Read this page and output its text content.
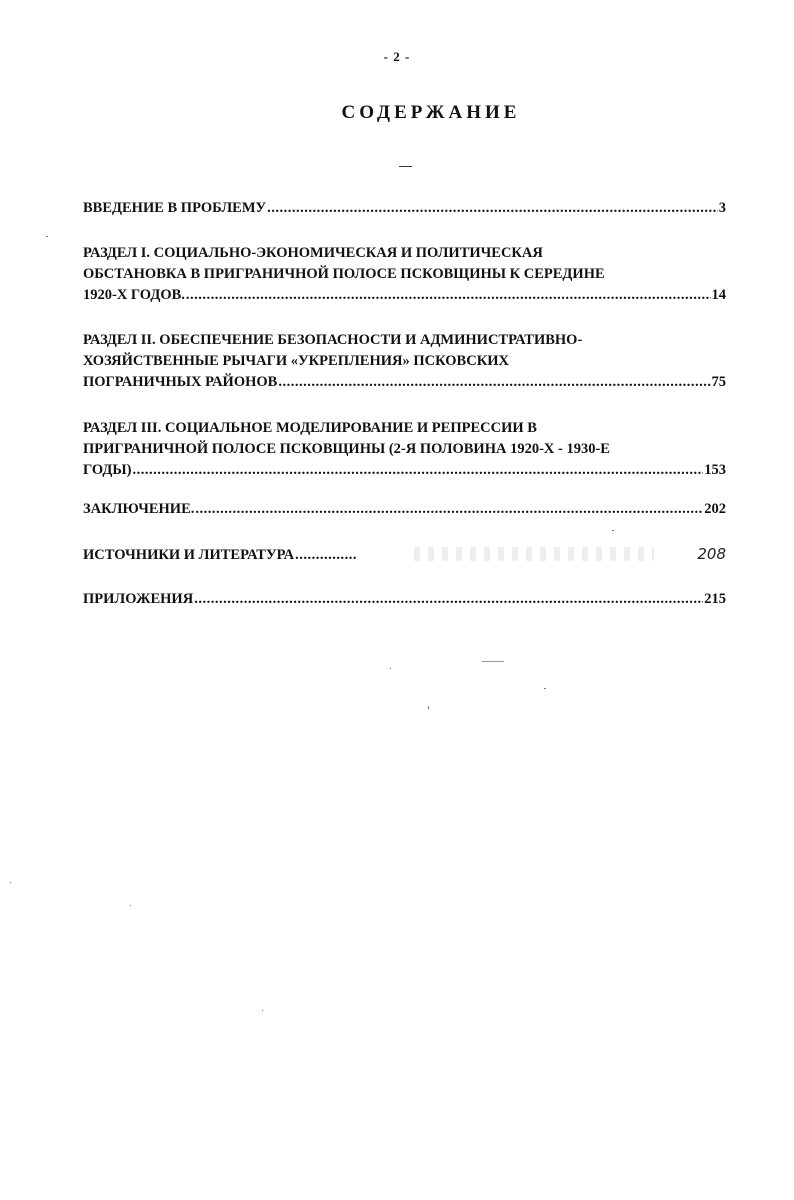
- 2 -
СОДЕРЖАНИЕ
ВВЕДЕНИЕ В ПРОБЛЕМУ .....	3
РАЗДЕЛ I. СОЦИАЛЬНО-ЭКОНОМИЧЕСКАЯ И ПОЛИТИЧЕСКАЯ
ОБСТАНОВКА В ПРИГРАНИЧНОЙ ПОЛОСЕ ПСКОВЩИНЫ К СЕРЕДИНЕ
1920-Х ГОДОВ. .....	14
РАЗДЕЛ II. ОБЕСПЕЧЕНИЕ БЕЗОПАСНОСТИ И АДМИНИСТРАТИВНО-
ХОЗЯЙСТВЕННЫЕ РЫЧАГИ «УКРЕПЛЕНИЯ» ПСКОВСКИХ
ПОГРАНИЧНЫХ РАЙОНОВ .....	75
РАЗДЕЛ III. СОЦИАЛЬНОЕ МОДЕЛИРОВАНИЕ И РЕПРЕССИИ В
ПРИГРАНИЧНОЙ ПОЛОСЕ ПСКОВЩИНЫ (2-Я ПОЛОВИНА 1920-Х - 1930-Е
ГОДЫ) .....	153
ЗАКЛЮЧЕНИЕ. .....	202
ИСТОЧНИКИ И ЛИТЕРАТУРА .....	208
ПРИЛОЖЕНИЯ .....	215
